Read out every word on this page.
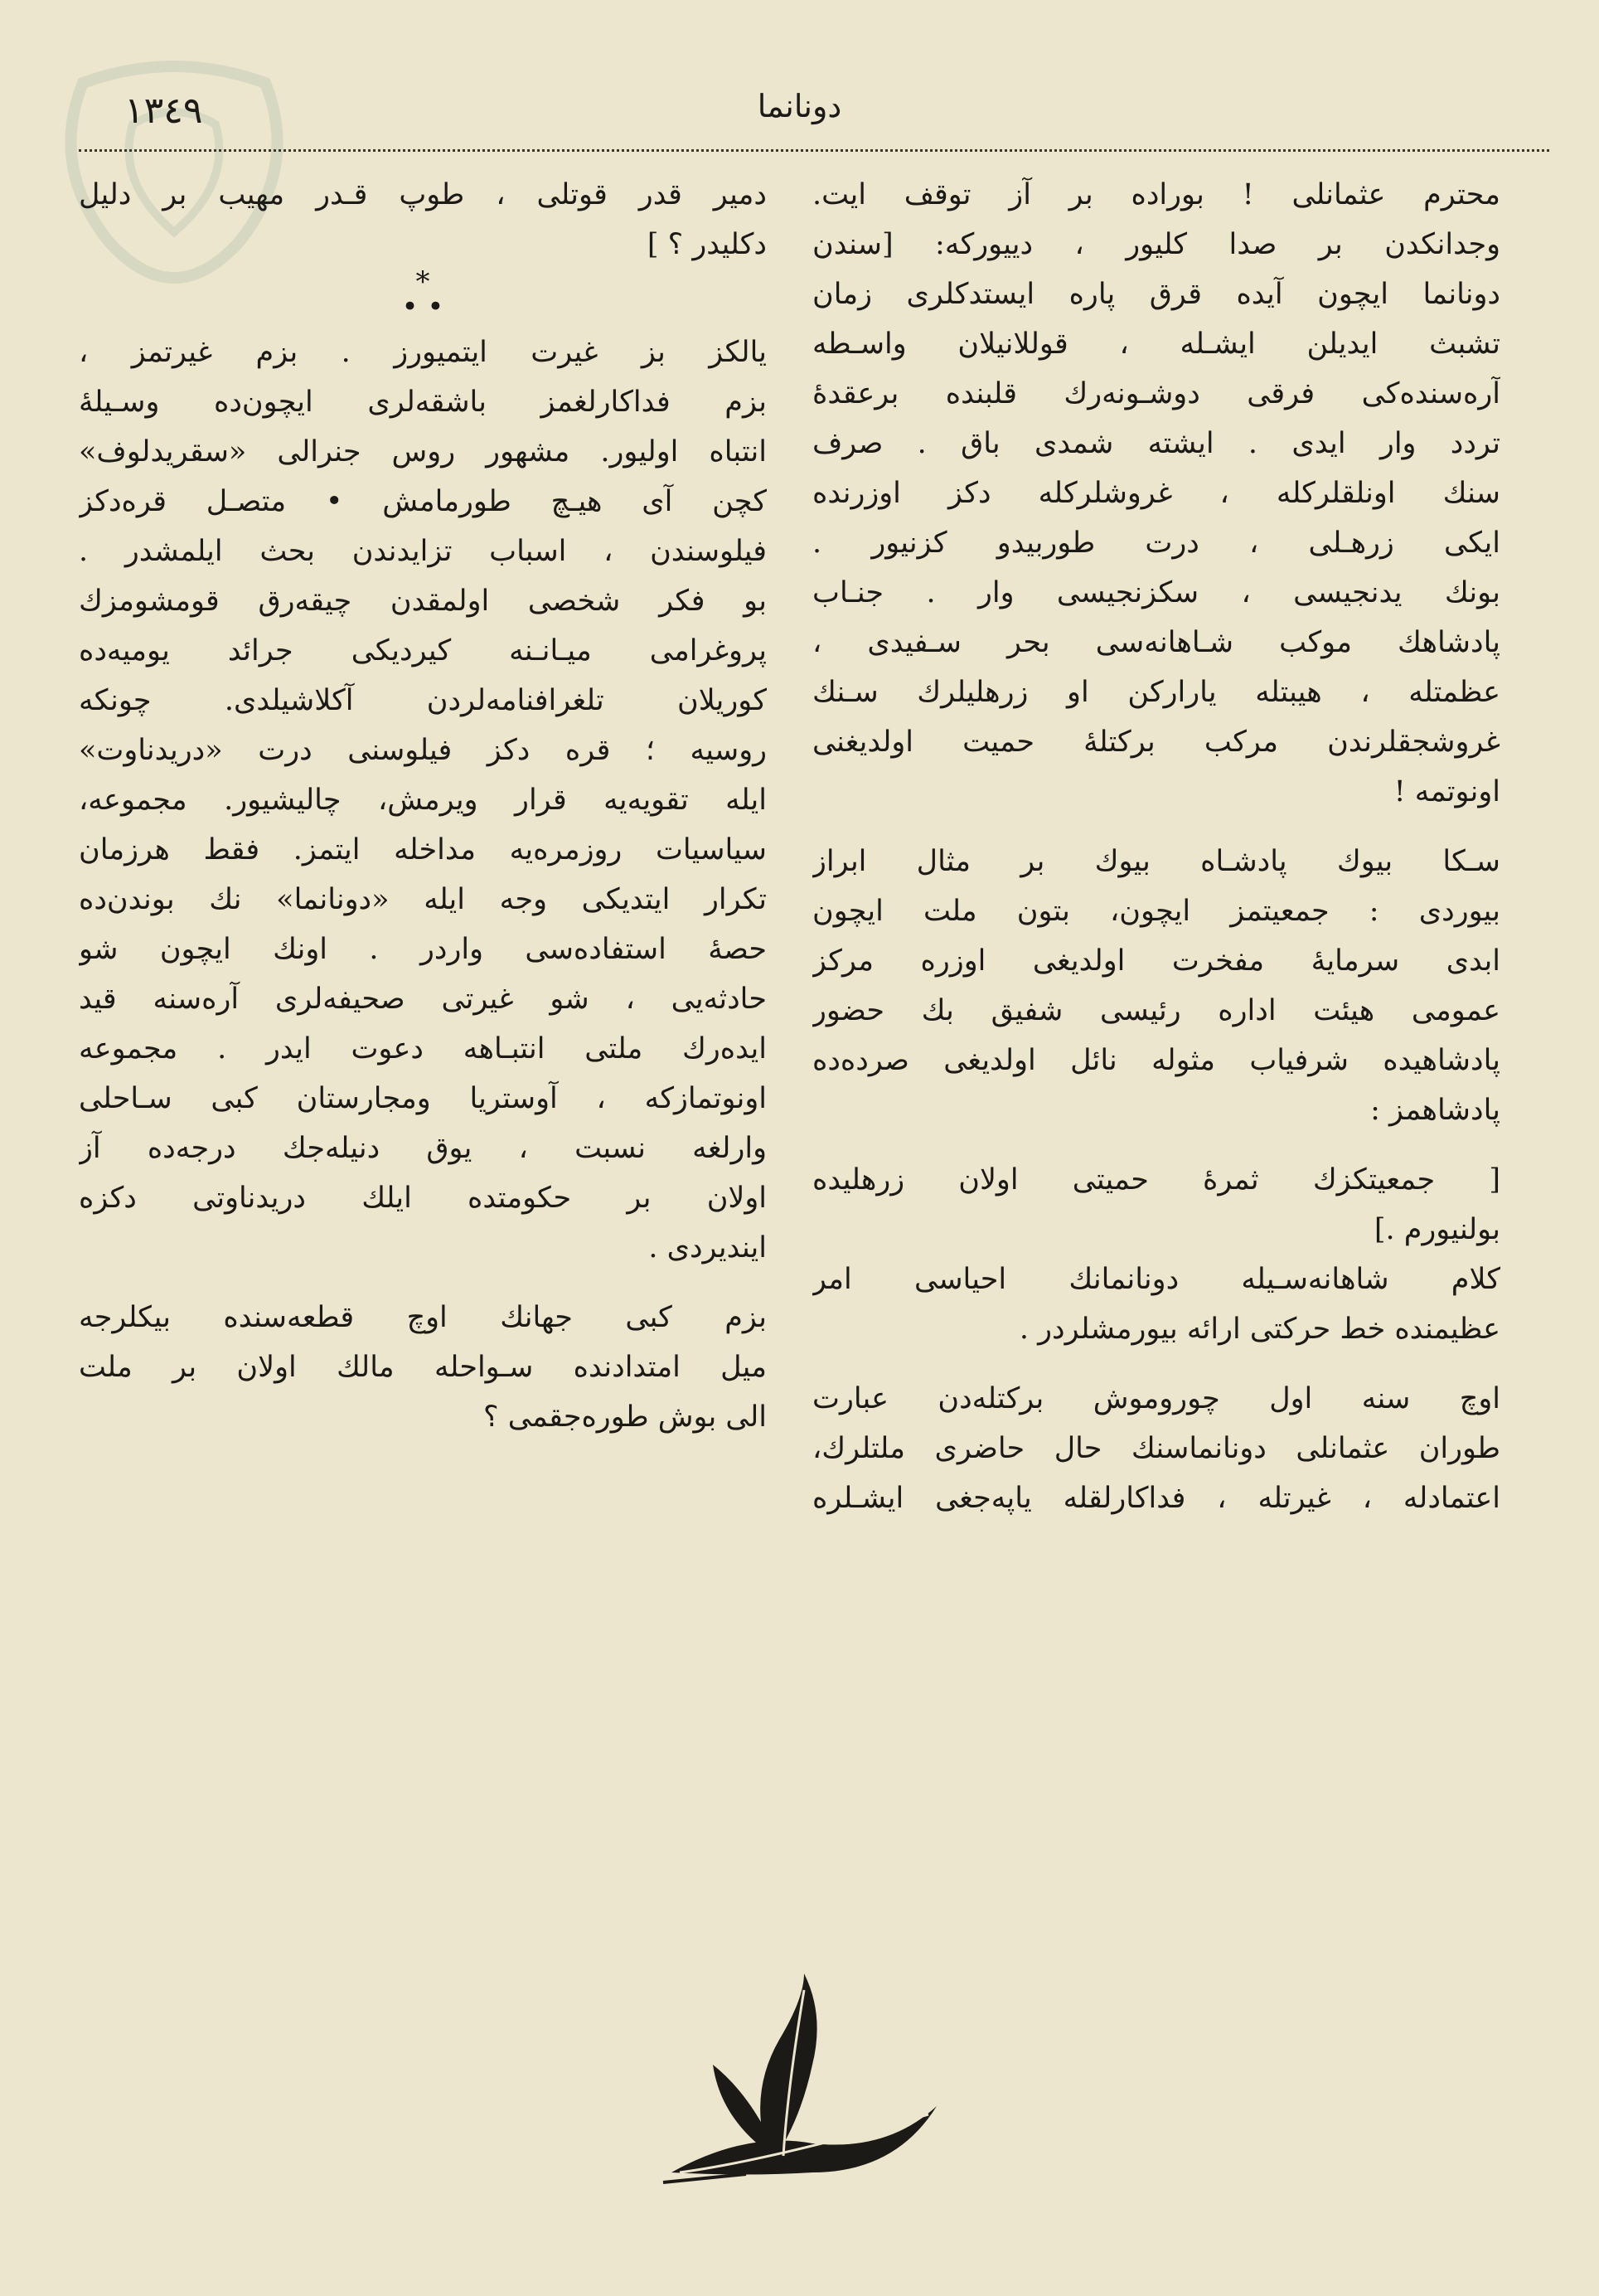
١٣٤٩	دونانما
محترم عثمانلی ! بوراده بر آز توقف ایت.
وجدانکدن بر صدا کلیور ، دییورکه: [سندن
دونانما ایچون آیده قرق پاره ایستدکلری زمان
تشبث ایدیلن ایشـله ، قوللانیلان واسـطه
آره‌سنده‌کی فرقی دوشـونه‌رك قلبنده برعقدهٔ
تردد وار ایدی . ایشته شمدی باق . صرف
سنك اونلقلرکله ، غروشلرکله دکز اوزرنده
ایکی زرهـلی ، درت طوربیدو کزنیور .
بونك یدنجیسی ، سکزنجیسی وار . جنـاب
پادشاهك موکب شـاهانه‌سی بحر سـفیدی ،
عظمتله ، هیبتله یارارکن او زرهلیلرك سـنك
غروشجقلرندن مرکب برکتلهٔ حمیت اولدیغنی
اونوتمه !
سـکا بیوك پادشـاه بیوك بر مثال ابراز
بیوردی : جمعیتمز ایچون، بتون ملت ایچون
ابدی سرمایهٔ مفخرت اولدیغی اوزره مرکز
عمومی هیئت اداره رئیسی شفیق بك حضور
پادشاهیده شرفیاب مثوله نائل اولدیغی صرده‌ده
پادشاهمز :
[ جمعیتکزك ثمرهٔ حمیتی اولان زرهلیده
بولنیورم .]
کلام شاهانه‌سـیله دونانمانك احیاسی امر
عظیمنده خط حرکتی ارائه بیورمشلردر .
اوچ سنه اول چوروموش برکتله‌دن عبارت
طوران عثمانلی دونانماسنك حال حاضری ملتلرك،
اعتمادله ، غیرتله ، فداکارلقله یاپه‌جغی ایشـلره
دمیر قدر قوتلی ، طوپ قـدر مهیب بر دلیل
دکلیدر ؟ ]
*
• •
یالکز بز غیرت ایتمیورز . بزم غیرتمز ،
بزم فداکارلغمز باشقه‌لری ایچون‌ده وسـیلهٔ
انتباه اولیور. مشهور روس جنرالی «سقریدلوف»
کچن آی هیـچ طورمامش • متصـل قره‌دکز
فیلوسندن ، اسباب تزایدندن بحث ایلمشدر .
بو فکر شخصی اولمقدن چیقه‌رق قومشومزك
پروغرامی میـانـنه کیردیکی جرائد یومیه‌ده
کوریلان تلغرافنامه‌لردن آکلاشیلدی. چونکه
روسیه ؛ قره دکز فیلوسنی درت «دریدناوت»
ایله تقویه‌یه قرار ویرمش، چالیشیور. مجموعه،
سیاسیات روزمره‌یه مداخله ایتمز. فقط هرزمان
تکرار ایتدیکی وجه ایله «دونانما» نك بوندن‌ده
حصهٔ استفاده‌سی واردر . اونك ایچون شو
حادثه‌یی ، شو غیرتی صحیفه‌لری آره‌سنه قید
ایده‌رك ملتی انتبـاهه دعوت ایدر . مجموعه
اونوتمازکه ، آوستریا ومجارستان کبی سـاحلی
وارلغه نسبت ، یوق دنیله‌جك درجه‌ده آز
اولان بر حکومتده ایلك دریدناوتی دکزه
ایندیردی .
بزم کبی جهانك اوچ قطعه‌سنده بیکلرجه
میل امتدادنده سـواحله مالك اولان بر ملت
الی بوش طوره‌جقمی ؟
